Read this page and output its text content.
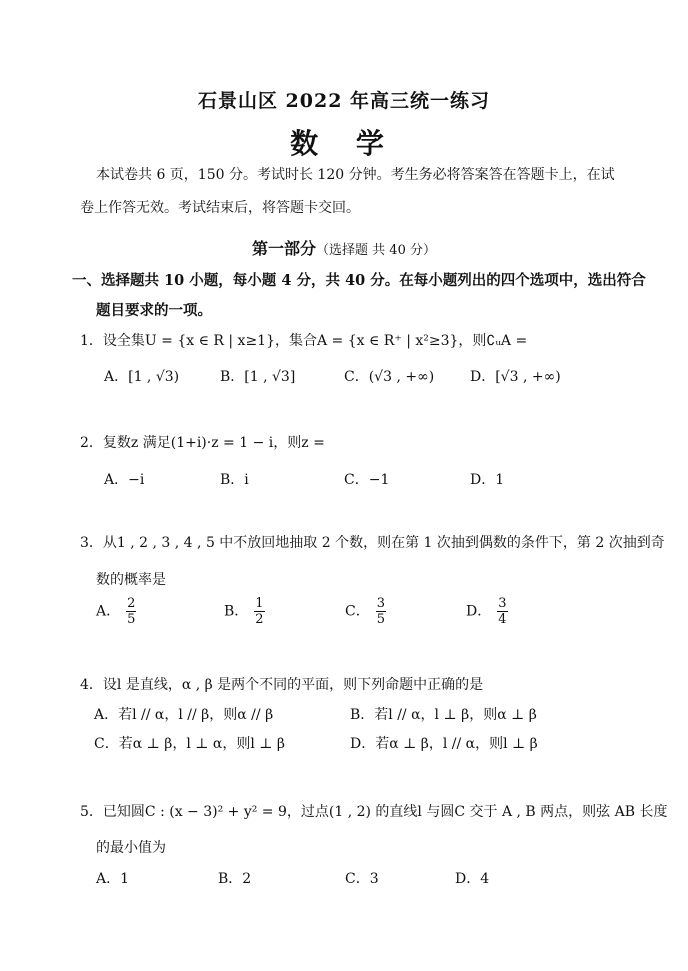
石景山区 2022 年高三统一练习
数 学
本试卷共 6 页，150 分。考试时长 120 分钟。考生务必将答案答在答题卡上，在试
卷上作答无效。考试结束后，将答题卡交回。
第一部分（选择题 共 40 分）
一、选择题共 10 小题，每小题 4 分，共 40 分。在每小题列出的四个选项中，选出符合
题目要求的一项。
1．设全集U = {x ∈ R | x≥1}，集合A = {x ∈ R⁺ | x²≥3}，则∁ᵤA =
A．[1 , √3)	B．[1 , √3]	C．(√3 , +∞)	D．[√3 , +∞)
2．复数z 满足(1+i)·z = 1 − i，则z =
A．−i	B．i	C．−1	D．1
3．从1 , 2 , 3 , 4 , 5 中不放回地抽取 2 个数，则在第 1 次抽到偶数的条件下，第 2 次抽到奇
数的概率是
A． $\frac{2}{5}$	B． $\frac{1}{2}$	C． $\frac{3}{5}$	D． $\frac{3}{4}$
4．设l 是直线，α , β 是两个不同的平面，则下列命题中正确的是
A．若l // α，l // β，则α // β	B．若l // α，l ⊥ β，则α ⊥ β
C．若α ⊥ β，l ⊥ α，则l ⊥ β	D．若α ⊥ β，l // α，则l ⊥ β
5．已知圆C : (x − 3)² + y² = 9，过点(1 , 2) 的直线l 与圆C 交于 A , B 两点，则弦 AB 长度
的最小值为
A．1	B．2	C．3	D．4
